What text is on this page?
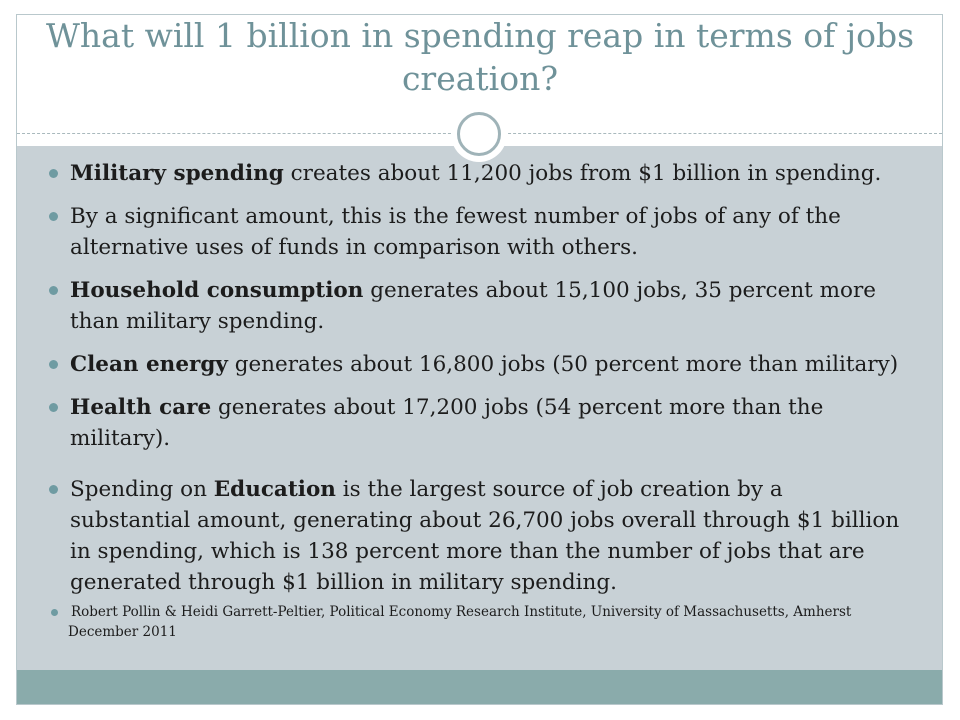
What will 1 billion in spending reap in terms of jobs creation?
Military spending creates about 11,200 jobs from $1 billion in spending.
By a significant amount, this is the fewest number of jobs of any of the alternative uses of funds in comparison with others.
Household consumption generates about 15,100 jobs, 35 percent more than military spending.
Clean energy generates about 16,800 jobs (50 percent more than military)
Health care generates about 17,200 jobs (54 percent more than the military).
Spending on Education is the largest source of job creation by a substantial amount, generating about 26,700 jobs overall through $1 billion in spending, which is 138 percent more than the number of jobs that are generated through $1 billion in military spending.
Robert Pollin & Heidi Garrett-Peltier, Political Economy Research Institute, University of Massachusetts, Amherst
December 2011
